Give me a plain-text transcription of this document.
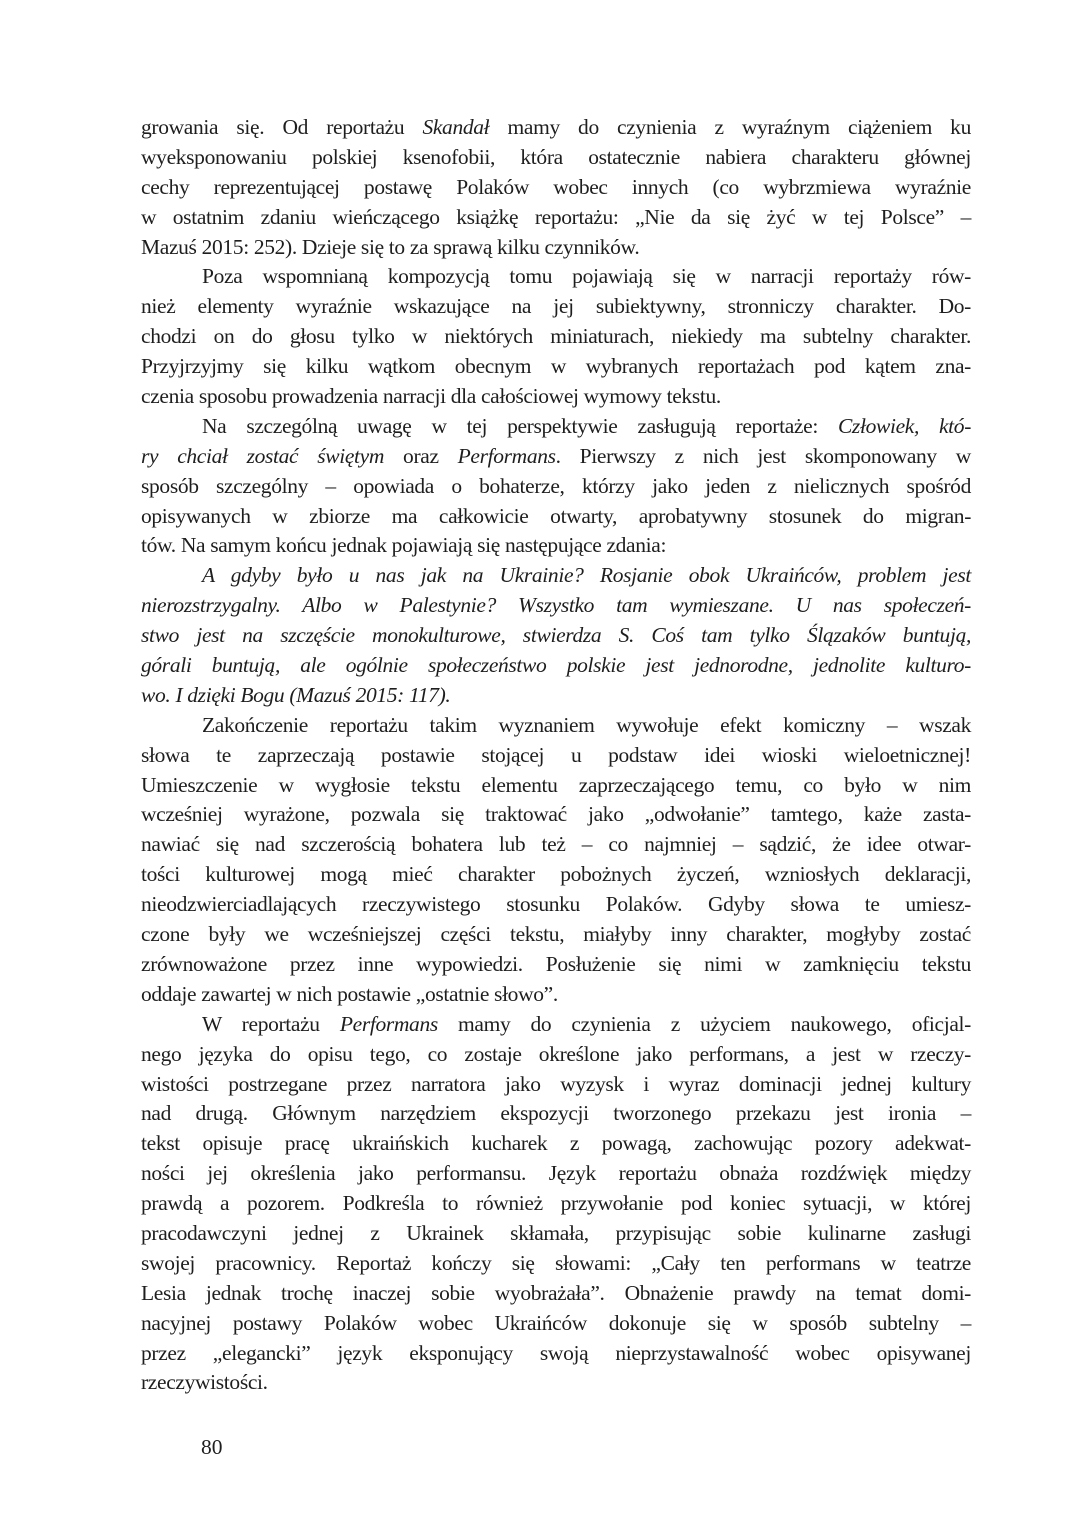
growania się. Od reportażu Skandał mamy do czynienia z wyraźnym ciążeniem ku
wyeksponowaniu polskiej ksenofobii, która ostatecznie nabiera charakteru głównej
cechy reprezentującej postawę Polaków wobec innych (co wybrzmiewa wyraźnie
w ostatnim zdaniu wieńczącego książkę reportażu: „Nie da się żyć w tej Polsce” –
Mazuś 2015: 252). Dzieje się to za sprawą kilku czynników.
Poza wspomnianą kompozycją tomu pojawiają się w narracji reportaży rów-
nież elementy wyraźnie wskazujące na jej subiektywny, stronniczy charakter. Do-
chodzi on do głosu tylko w niektórych miniaturach, niekiedy ma subtelny charakter.
Przyjrzyjmy się kilku wątkom obecnym w wybranych reportażach pod kątem zna-
czenia sposobu prowadzenia narracji dla całościowej wymowy tekstu.
Na szczególną uwagę w tej perspektywie zasługują reportaże: Człowiek, któ-
ry chciał zostać świętym oraz Performans. Pierwszy z nich jest skomponowany w
sposób szczególny – opowiada o bohaterze, którzy jako jeden z nielicznych spośród
opisywanych w zbiorze ma całkowicie otwarty, aprobatywny stosunek do migran-
tów. Na samym końcu jednak pojawiają się następujące zdania:
A gdyby było u nas jak na Ukrainie? Rosjanie obok Ukraińców, problem jest
nierozstrzygalny. Albo w Palestynie? Wszystko tam wymieszane. U nas społeczeń-
stwo jest na szczęście monokulturowe, stwierdza S. Coś tam tylko Ślązaków buntują,
górali buntują, ale ogólnie społeczeństwo polskie jest jednorodne, jednolite kulturo-
wo. I dzięki Bogu (Mazuś 2015: 117).
Zakończenie reportażu takim wyznaniem wywołuje efekt komiczny – wszak
słowa te zaprzeczają postawie stojącej u podstaw idei wioski wieloetnicznej!
Umieszczenie w wygłosie tekstu elementu zaprzeczającego temu, co było w nim
wcześniej wyrażone, pozwala się traktować jako „odwołanie” tamtego, każe zasta-
nawiać się nad szczerością bohatera lub też – co najmniej – sądzić, że idee otwar-
tości kulturowej mogą mieć charakter pobożnych życzeń, wzniosłych deklaracji,
nieodzwierciadlających rzeczywistego stosunku Polaków. Gdyby słowa te umiesz-
czone były we wcześniejszej części tekstu, miałyby inny charakter, mogłyby zostać
zrównoważone przez inne wypowiedzi. Posłużenie się nimi w zamknięciu tekstu
oddaje zawartej w nich postawie „ostatnie słowo”.
W reportażu Performans mamy do czynienia z użyciem naukowego, oficjal-
nego języka do opisu tego, co zostaje określone jako performans, a jest w rzeczy-
wistości postrzegane przez narratora jako wyzysk i wyraz dominacji jednej kultury
nad drugą. Głównym narzędziem ekspozycji tworzonego przekazu jest ironia –
tekst opisuje pracę ukraińskich kucharek z powagą, zachowując pozory adekwat-
ności jej określenia jako performansu. Język reportażu obnaża rozdźwięk między
prawdą a pozorem. Podkreśla to również przywołanie pod koniec sytuacji, w której
pracodawczyni jednej z Ukrainek skłamała, przypisując sobie kulinarne zasługi
swojej pracownicy. Reportaż kończy się słowami: „Cały ten performans w teatrze
Lesia jednak trochę inaczej sobie wyobrażała”. Obnażenie prawdy na temat domi-
nacyjnej postawy Polaków wobec Ukraińców dokonuje się w sposób subtelny –
przez „elegancki” język eksponujący swoją nieprzystawalność wobec opisywanej
rzeczywistości.
80
